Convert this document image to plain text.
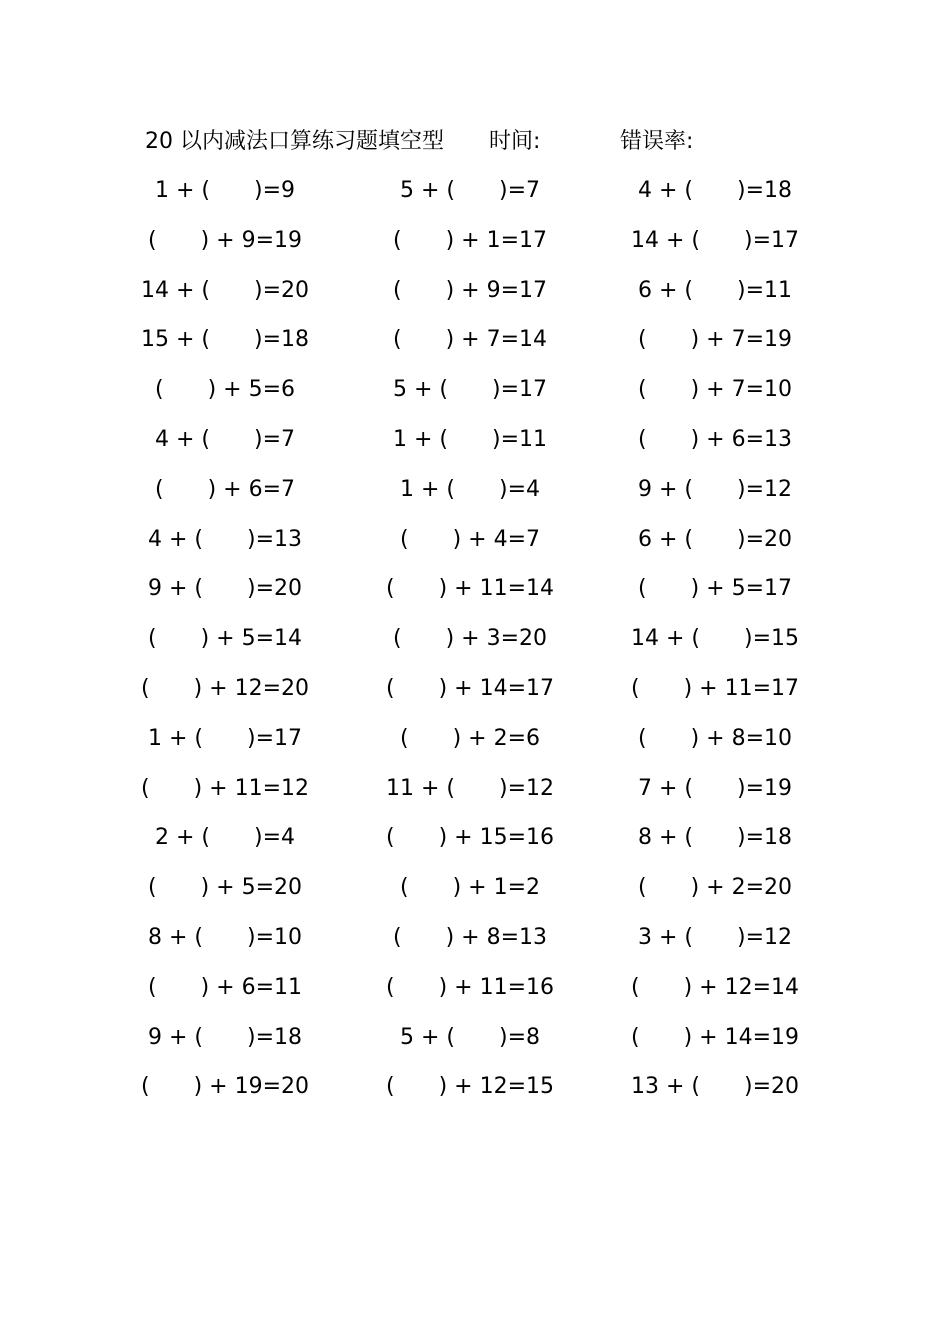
20 以内减法口算练习题填空型 时间:	错误率:
1 + (　　)=9	5 + (　　)=7	4 + (　　)=18
(　　) + 9=19	(　　) + 1=17	14 + (　　)=17
14 + (　　)=20	(　　) + 9=17	6 + (　　)=11
15 + (　　)=18	(　　) + 7=14	(　　) + 7=19
(　　) + 5=6	5 + (　　)=17	(　　) + 7=10
4 + (　　)=7	1 + (　　)=11	(　　) + 6=13
(　　) + 6=7	1 + (　　)=4	9 + (　　)=12
4 + (　　)=13	(　　) + 4=7	6 + (　　)=20
9 + (　　)=20	(　　) + 11=14	(　　) + 5=17
(　　) + 5=14	(　　) + 3=20	14 + (　　)=15
(　　) + 12=20	(　　) + 14=17	(　　) + 11=17
1 + (　　)=17	(　　) + 2=6	(　　) + 8=10
(　　) + 11=12	11 + (　　)=12	7 + (　　)=19
2 + (　　)=4	(　　) + 15=16	8 + (　　)=18
(　　) + 5=20	(　　) + 1=2	(　　) + 2=20
8 + (　　)=10	(　　) + 8=13	3 + (　　)=12
(　　) + 6=11	(　　) + 11=16	(　　) + 12=14
9 + (　　)=18	5 + (　　)=8	(　　) + 14=19
(　　) + 19=20	(　　) + 12=15	13 + (　　)=20
